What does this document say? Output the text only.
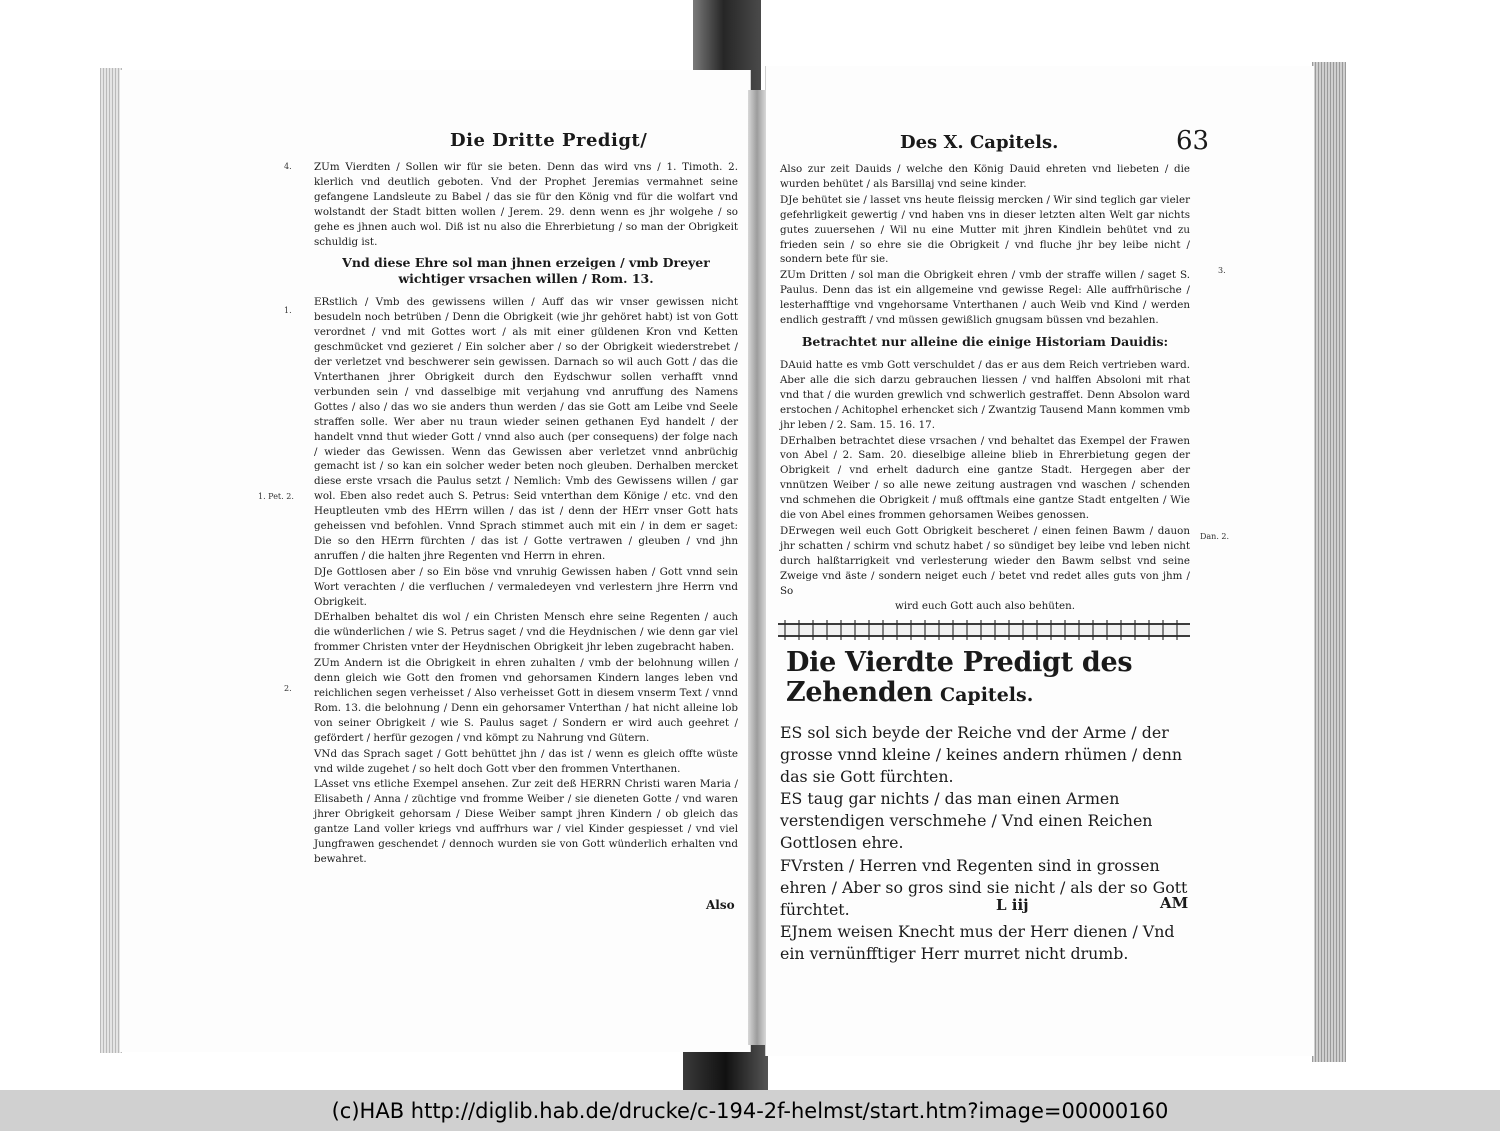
Die Dritte Predigt/
4.
1.
1. Pet. 2.
2.

ZUm Vierdten / Sollen wir für sie beten. Denn das wird vns / 1. Timoth. 2. klerlich vnd deutlich geboten. Vnd der Prophet Jeremias vermahnet seine gefangene Landsleute zu Babel / das sie für den König vnd für die wolfart vnd wolstandt der Stadt bitten wollen / Jerem. 29. denn wenn es jhr wolgehe / so gehe es jhnen auch wol. Diß ist nu also die Ehrerbietung / so man der Obrigkeit schuldig ist.

Vnd diese Ehre sol man jhnen erzeigen / vmb Dreyer wichtiger vrsachen willen / Rom. 13.

ERstlich / Vmb des gewissens willen / Auff das wir vnser gewissen nicht besudeln noch betrüben / Denn die Obrigkeit (wie jhr gehöret habt) ist von Gott verordnet / vnd mit Gottes wort / als mit einer güldenen Kron vnd Ketten geschmücket vnd gezieret / Ein solcher aber / so der Obrigkeit wiederstrebet / der verletzet vnd beschwerer sein gewissen. Darnach so wil auch Gott / das die Vnterthanen jhrer Obrigkeit durch den Eydschwur sollen verhafft vnnd verbunden sein / vnd dasselbige mit verjahung vnd anruffung des Namens Gottes / also / das wo sie anders thun werden / das sie Gott am Leibe vnd Seele straffen solle. Wer aber nu traun wieder seinen gethanen Eyd handelt / der handelt vnnd thut wieder Gott / vnnd also auch (per consequens) der folge nach / wieder das Gewissen. Wenn das Gewissen aber verletzet vnnd anbrüchig gemacht ist / so kan ein solcher weder beten noch gleuben. Derhalben mercket diese erste vrsach die Paulus setzt / Nemlich: Vmb des Gewissens willen / gar wol. Eben also redet auch S. Petrus: Seid vnterthan dem Könige / etc. vnd den Heuptleuten vmb des HErrn willen / das ist / denn der HErr vnser Gott hats geheissen vnd befohlen. Vnnd Sprach stimmet auch mit ein / in dem er saget: Die so den HErrn fürchten / das ist / Gotte vertrawen / gleuben / vnd jhn anruffen / die halten jhre Regenten vnd Herrn in ehren.

DJe Gottlosen aber / so Ein böse vnd vnruhig Gewissen haben / Gott vnnd sein Wort verachten / die verfluchen / vermaledeyen vnd verlestern jhre Herrn vnd Obrigkeit.

DErhalben behaltet dis wol / ein Christen Mensch ehre seine Regenten / auch die wünderlichen / wie S. Petrus saget / vnd die Heydnischen / wie denn gar viel frommer Christen vnter der Heydnischen Obrigkeit jhr leben zugebracht haben.

ZUm Andern ist die Obrigkeit in ehren zuhalten / vmb der belohnung willen / denn gleich wie Gott den fromen vnd gehorsamen Kindern langes leben vnd reichlichen segen verheisset / Also verheisset Gott in diesem vnserm Text / vnnd Rom. 13. die belohnung / Denn ein gehorsamer Vnterthan / hat nicht alleine lob von seiner Obrigkeit / wie S. Paulus saget / Sondern er wird auch geehret / gefördert / herfür gezogen / vnd kömpt zu Nahrung vnd Gütern.

VNd das Sprach saget / Gott behüttet jhn / das ist / wenn es gleich offte wüste vnd wilde zugehet / so helt doch Gott vber den frommen Vnterthanen.

LAsset vns etliche Exempel ansehen. Zur zeit deß HERRN Christi waren Maria / Elisabeth / Anna / züchtige vnd fromme Weiber / sie dieneten Gotte / vnd waren jhrer Obrigkeit gehorsam / Diese Weiber sampt jhren Kindern / ob gleich das gantze Land voller kriegs vnd auffrhurs war / viel Kinder gespiesset / vnd viel Jungfrawen geschendet / dennoch wurden sie von Gott wünderlich erhalten vnd bewahret.

Also
Des X. Capitels.	63
3.
Dan. 2.

Also zur zeit Dauids / welche den König Dauid ehreten vnd liebeten / die wurden behütet / als Barsillaj vnd seine kinder.

DJe behütet sie / lasset vns heute fleissig mercken / Wir sind teglich gar vieler gefehrligkeit gewertig / vnd haben vns in dieser letzten alten Welt gar nichts gutes zuuersehen / Wil nu eine Mutter mit jhren Kindlein behütet vnd zu frieden sein / so ehre sie die Obrigkeit / vnd fluche jhr bey leibe nicht / sondern bete für sie.

ZUm Dritten / sol man die Obrigkeit ehren / vmb der straffe willen / saget S. Paulus. Denn das ist ein allgemeine vnd gewisse Regel: Alle auffrhürische / lesterhafftige vnd vngehorsame Vnterthanen / auch Weib vnd Kind / werden endlich gestrafft / vnd müssen gewißlich gnugsam büssen vnd bezahlen.

Betrachtet nur alleine die einige Historiam Dauidis:

DAuid hatte es vmb Gott verschuldet / das er aus dem Reich vertrieben ward. Aber alle die sich darzu gebrauchen liessen / vnd halffen Absoloni mit rhat vnd that / die wurden grewlich vnd schwerlich gestraffet. Denn Absolon ward erstochen / Achitophel erhencket sich / Zwantzig Tausend Mann kommen vmb jhr leben / 2. Sam. 15. 16. 17.

DErhalben betrachtet diese vrsachen / vnd behaltet das Exempel der Frawen von Abel / 2. Sam. 20. dieselbige alleine blieb in Ehrerbietung gegen der Obrigkeit / vnd erhelt dadurch eine gantze Stadt. Hergegen aber der vnnützen Weiber / so alle newe zeitung austragen vnd waschen / schenden vnd schmehen die Obrigkeit / muß offtmals eine gantze Stadt entgelten / Wie die von Abel eines frommen gehorsamen Weibes genossen.

DErwegen weil euch Gott Obrigkeit bescheret / einen feinen Bawm / dauon jhr schatten / schirm vnd schutz habet / so sündiget bey leibe vnd leben nicht durch halßtarrigkeit vnd verlesterung wieder den Bawm selbst vnd seine Zweige vnd äste / sondern neiget euch / betet vnd redet alles guts von jhm / So

wird euch Gott auch also behüten.

Die Vierdte Predigt des Zehenden Capitels.

ES sol sich beyde der Reiche vnd der Arme / der grosse vnnd kleine / keines andern rhümen / denn das sie Gott fürchten.

ES taug gar nichts / das man einen Armen verstendigen verschmehe / Vnd einen Reichen Gottlosen ehre.

FVrsten / Herren vnd Regenten sind in grossen ehren / Aber so gros sind sie nicht / als der so Gott fürchtet.

EJnem weisen Knecht mus der Herr dienen / Vnd ein vernünfftiger Herr murret nicht drumb.

L iij	AM
(c)HAB http://diglib.hab.de/drucke/c-194-2f-helmst/start.htm?image=00000160
